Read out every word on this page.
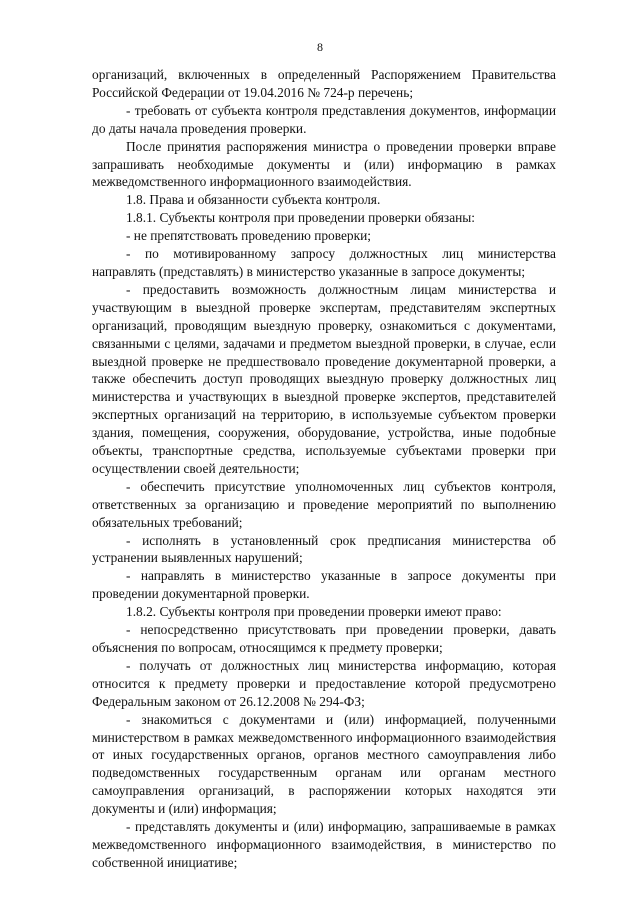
8

организаций, включенных в определенный Распоряжением Правительства Российской Федерации от 19.04.2016 № 724-р перечень;

- требовать от субъекта контроля представления документов, информации до даты начала проведения проверки.

После принятия распоряжения министра о проведении проверки вправе запрашивать необходимые документы и (или) информацию в рамках межведомственного информационного взаимодействия.

1.8. Права и обязанности субъекта контроля.

1.8.1. Субъекты контроля при проведении проверки обязаны:

- не препятствовать проведению проверки;

- по мотивированному запросу должностных лиц министерства направлять (представлять) в министерство указанные в запросе документы;

- предоставить возможность должностным лицам министерства и участвующим в выездной проверке экспертам, представителям экспертных организаций, проводящим выездную проверку, ознакомиться с документами, связанными с целями, задачами и предметом выездной проверки, в случае, если выездной проверке не предшествовало проведение документарной проверки, а также обеспечить доступ проводящих выездную проверку должностных лиц министерства и участвующих в выездной проверке экспертов, представителей экспертных организаций на территорию, в используемые субъектом проверки здания, помещения, сооружения, оборудование, устройства, иные подобные объекты, транспортные средства, используемые субъектами проверки при осуществлении своей деятельности;

- обеспечить присутствие уполномоченных лиц субъектов контроля, ответственных за организацию и проведение мероприятий по выполнению обязательных требований;

- исполнять в установленный срок предписания министерства об устранении выявленных нарушений;

- направлять в министерство указанные в запросе документы при проведении документарной проверки.

1.8.2. Субъекты контроля при проведении проверки имеют право:

- непосредственно присутствовать при проведении проверки, давать объяснения по вопросам, относящимся к предмету проверки;

- получать от должностных лиц министерства информацию, которая относится к предмету проверки и предоставление которой предусмотрено Федеральным законом от 26.12.2008 № 294-ФЗ;

- знакомиться с документами и (или) информацией, полученными министерством в рамках межведомственного информационного взаимодействия от иных государственных органов, органов местного самоуправления либо подведомственных государственным органам или органам местного самоуправления организаций, в распоряжении которых находятся эти документы и (или) информация;

- представлять документы и (или) информацию, запрашиваемые в рамках межведомственного информационного взаимодействия, в министерство по собственной инициативе;
